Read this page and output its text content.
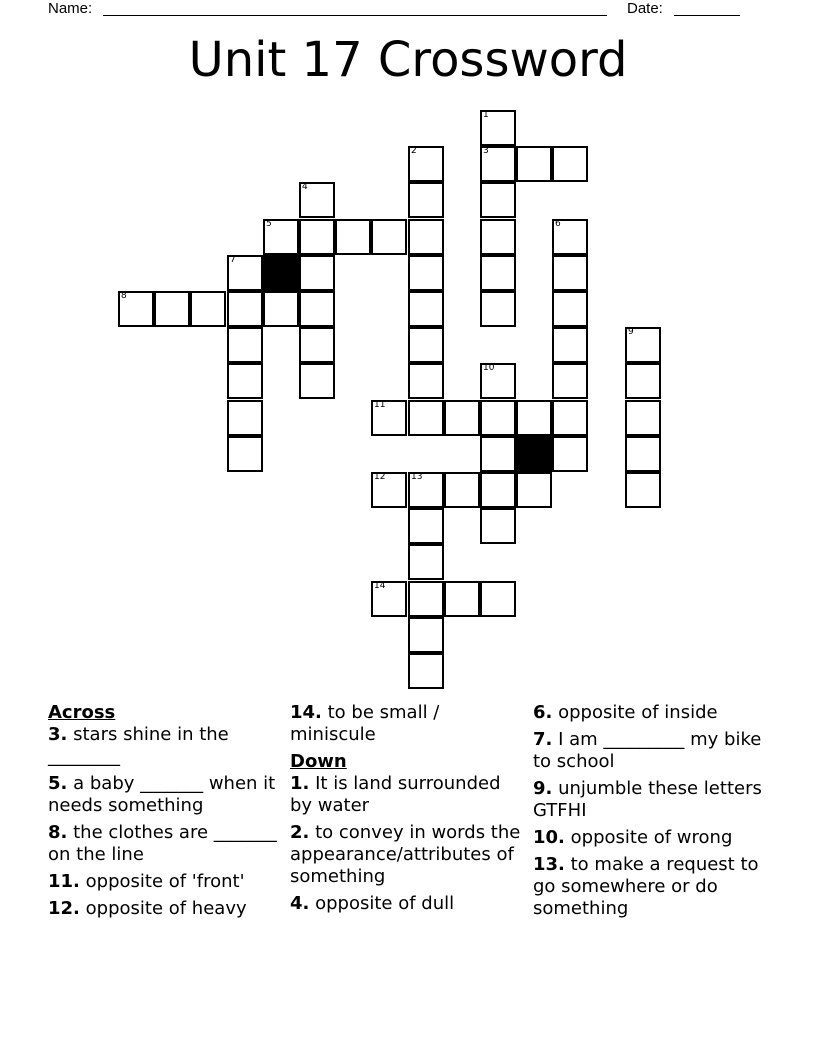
Name:	Date:
Unit 17 Crossword
1
2	3
4
5	6
7
8
9
10
11
12	13
14

Across

3. stars shine in the ________

5. a baby _______ when it needs something

8. the clothes are _______ on the line

11. opposite of 'front'

12. opposite of heavy

14. to be small / miniscule

Down

1. It is land surrounded by water

2. to convey in words the appearance/attributes of something

4. opposite of dull

6. opposite of inside

7. I am _________ my bike to school

9. unjumble these letters GTFHI

10. opposite of wrong

13. to make a request to go somewhere or do something
